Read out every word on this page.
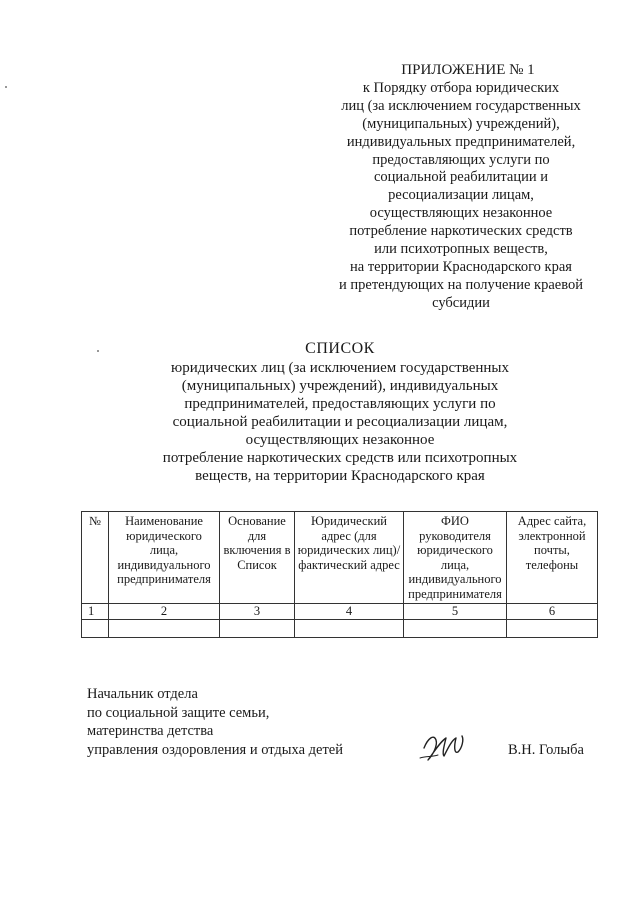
ПРИЛОЖЕНИЕ № 1
к Порядку отбора юридических
лиц (за исключением государственных
(муниципальных) учреждений),
индивидуальных предпринимателей,
предоставляющих услуги по
социальной реабилитации и
ресоциализации лицам,
осуществляющих незаконное
потребление наркотических средств
или психотропных веществ,
на территории Краснодарского края
и претендующих на получение краевой
субсидии
СПИСОК
юридических лиц (за исключением государственных
(муниципальных) учреждений), индивидуальных
предпринимателей, предоставляющих услуги по
социальной реабилитации и ресоциализации лицам,
осуществляющих незаконное
потребление наркотических средств или психотропных
веществ, на территории Краснодарского края
№	Наименование юридического лица, индивидуального предпринимателя	Основание для включения в Список	Юридический адрес (для юридических лиц)/фактический адрес	ФИО руководителя юридического лица, индивидуального предпринимателя	Адрес сайта, электронной почты, телефоны
1	2	3	4	5	6

Начальник отдела
по социальной защите семьи,
материнства детства
управления оздоровления и отдыха детей	В.Н. Голыба
